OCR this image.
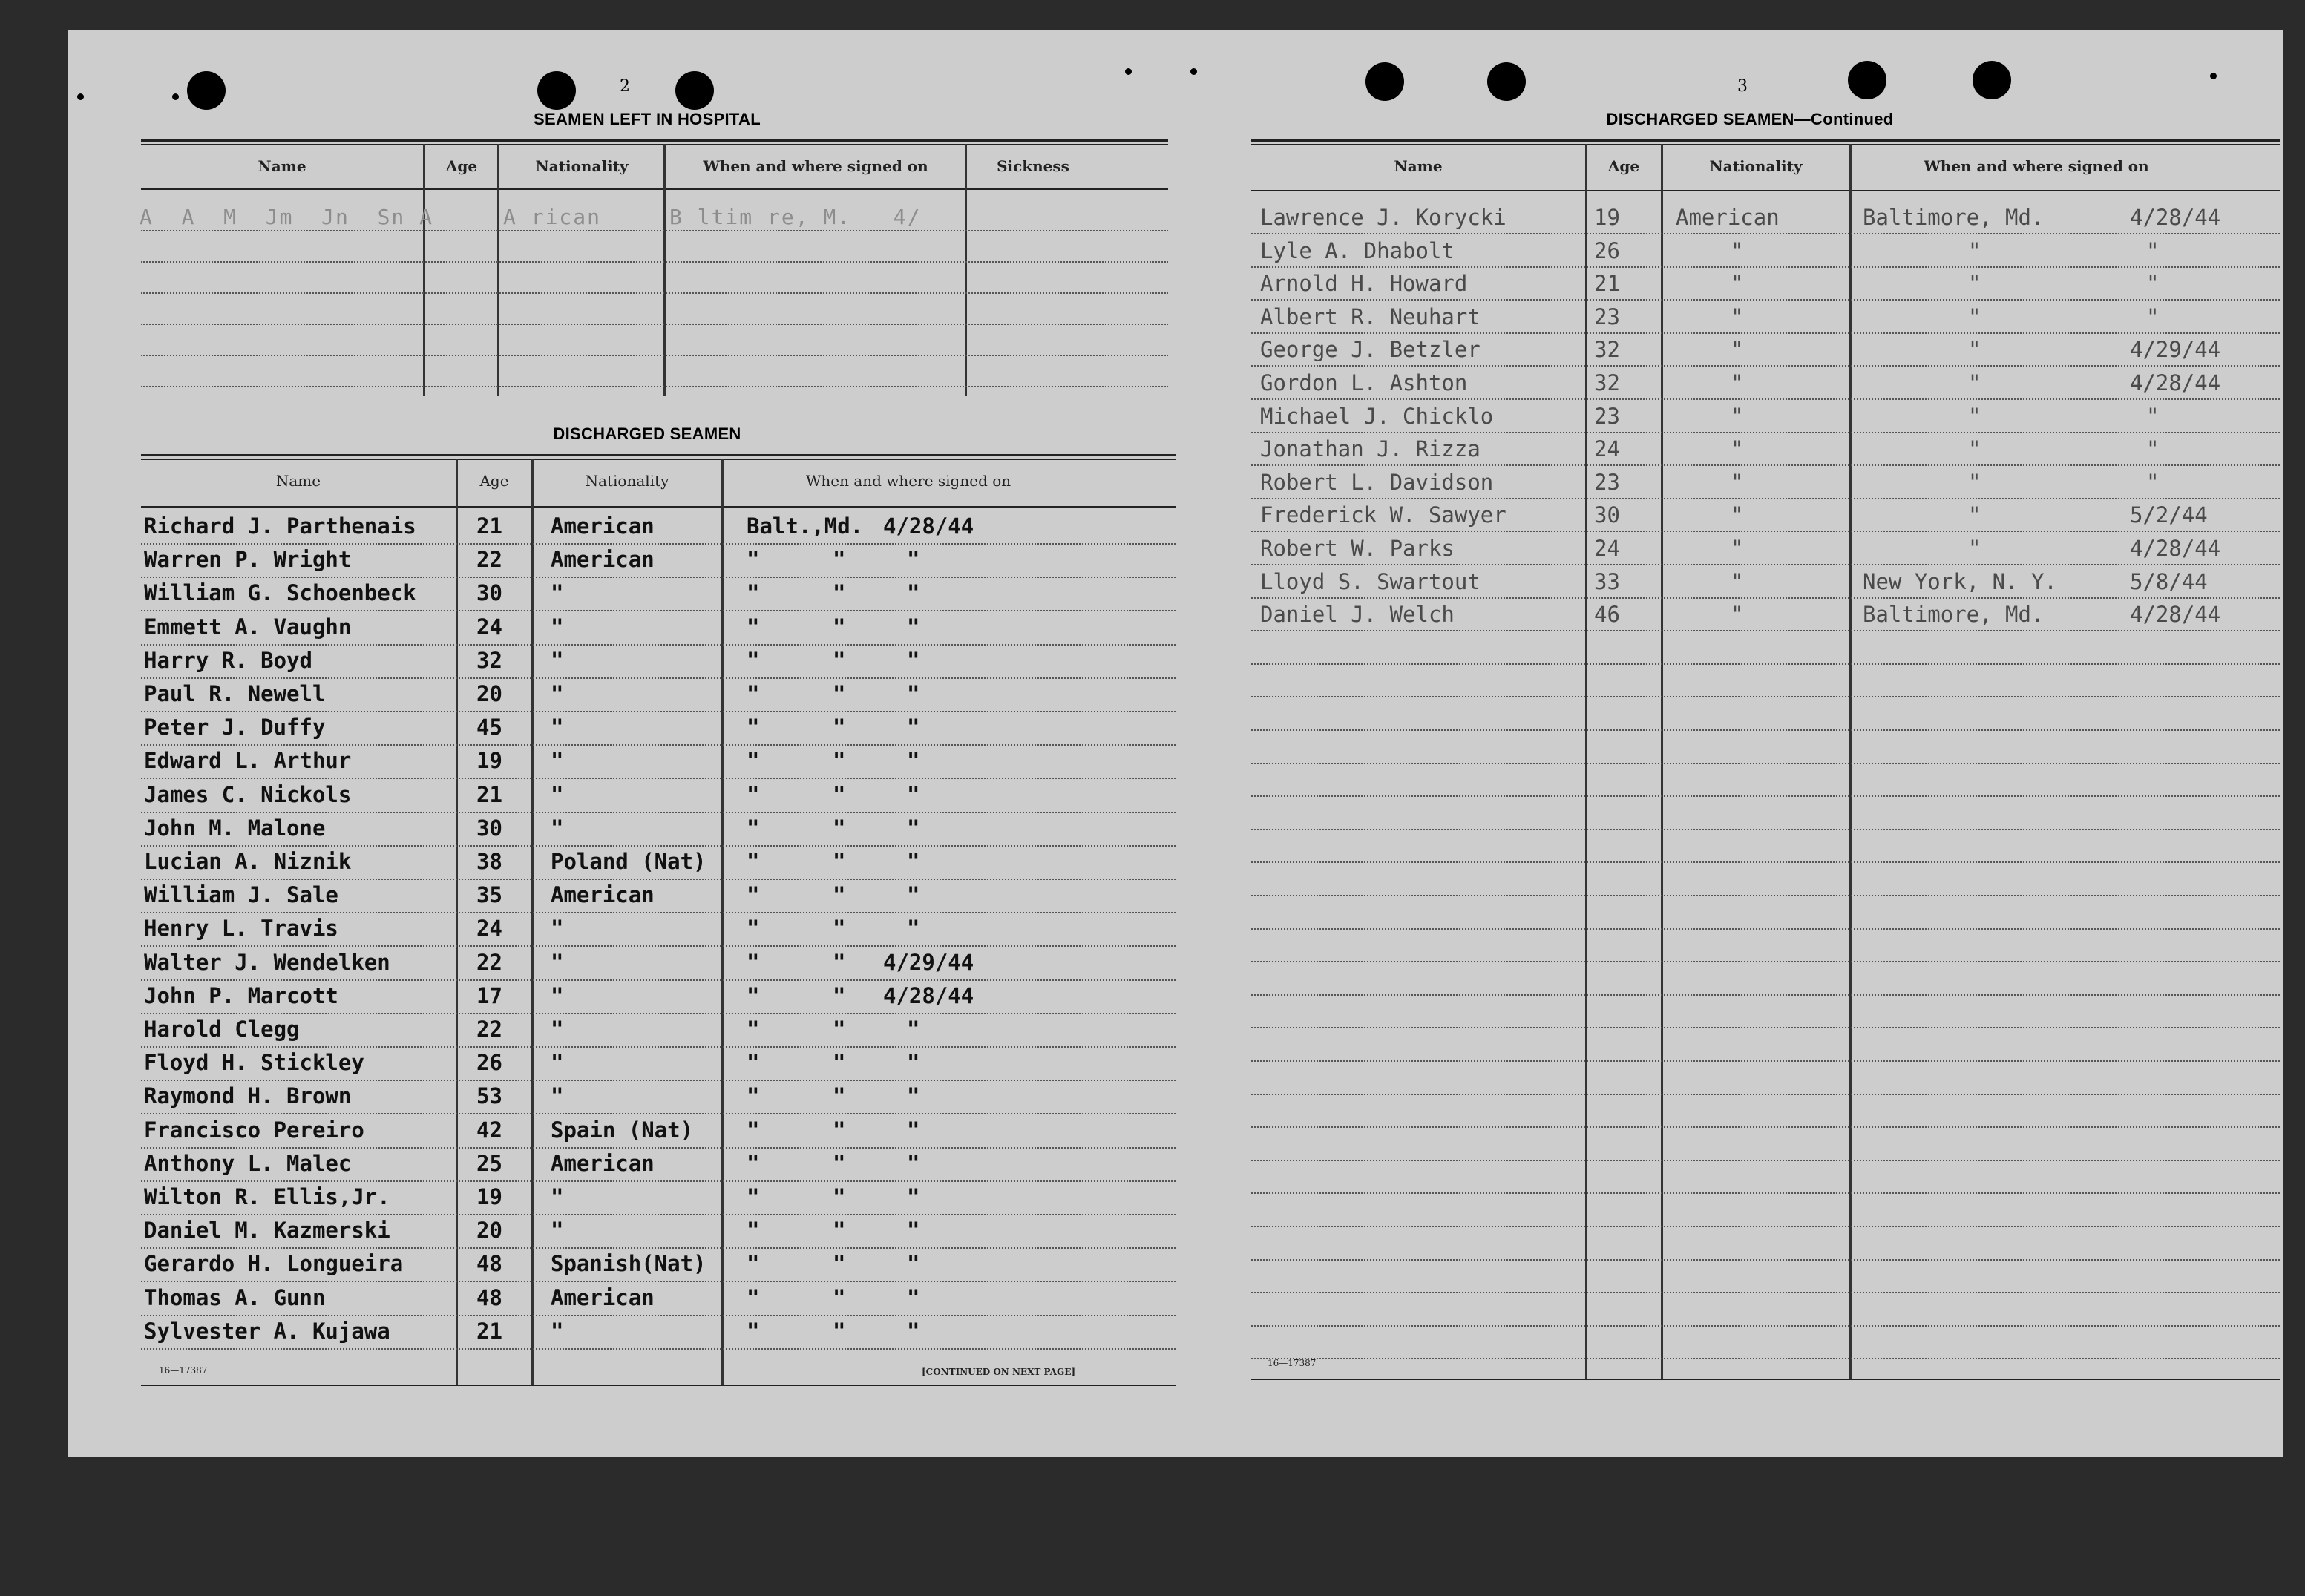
2
SEAMEN LEFT IN HOSPITAL
Name	Age	Nationality	When and where signed on	Sickness
A  A  M  Jm  Jn  Sn A	A rican	B ltim re, M.   4/
DISCHARGED SEAMEN
Name	Age	Nationality	When and where signed on
Richard J. Parthenais	21 American	Balt.,Md. 4/28/44
Warren P. Wright	22 American	"	"	"
William G. Schoenbeck	30 "	"	"	"
Emmett A. Vaughn	24 "	"	"	"
Harry R. Boyd	32 "	"	"	"
Paul R. Newell	20 "	"	"	"
Peter J. Duffy	45 "	"	"	"
Edward L. Arthur	19 "	"	"	"
James C. Nickols	21 "	"	"	"
John M. Malone	30 "	"	"	"
Lucian A. Niznik	38 Poland (Nat) "	"	"
William J. Sale	35 American	"	"	"
Henry L. Travis	24 "	"	"	"
Walter J. Wendelken	22 "	"	" 4/29/44
John P. Marcott	17 "	"	" 4/28/44
Harold Clegg	22 "	"	"	"
Floyd H. Stickley	26 "	"	"	"
Raymond H. Brown	53 "	"	"	"
Francisco Pereiro	42 Spain (Nat) "	"	"
Anthony L. Malec	25 American	"	"	"
Wilton R. Ellis,Jr.	19 "	"	"	"
Daniel M. Kazmerski	20 "	"	"	"
Gerardo H. Longueira	48 Spanish(Nat) "	"	"
Thomas A. Gunn	48 American	"	"	"
Sylvester A. Kujawa	21 "	"	"	"
16—17387	[CONTINUED ON NEXT PAGE]
3
DISCHARGED SEAMEN—Continued
Name	Age	Nationality	When and where signed on
Lawrence J. Korycki	19	American	Baltimore, Md.	4/28/44
Lyle A. Dhabolt	26	"	"	"
Arnold H. Howard	21	"	"	"
Albert R. Neuhart	23	"	"	"
George J. Betzler	32	"	"	4/29/44
Gordon L. Ashton	32	"	"	4/28/44
Michael J. Chicklo	23	"	"	"
Jonathan J. Rizza	24	"	"	"
Robert L. Davidson	23	"	"	"
Frederick W. Sawyer	30	"	"	5/2/44
Robert W. Parks	24	"	"	4/28/44
Lloyd S. Swartout	33	"	New York, N. Y.	5/8/44
Daniel J. Welch	46	"	Baltimore, Md.	4/28/44
16—17387
